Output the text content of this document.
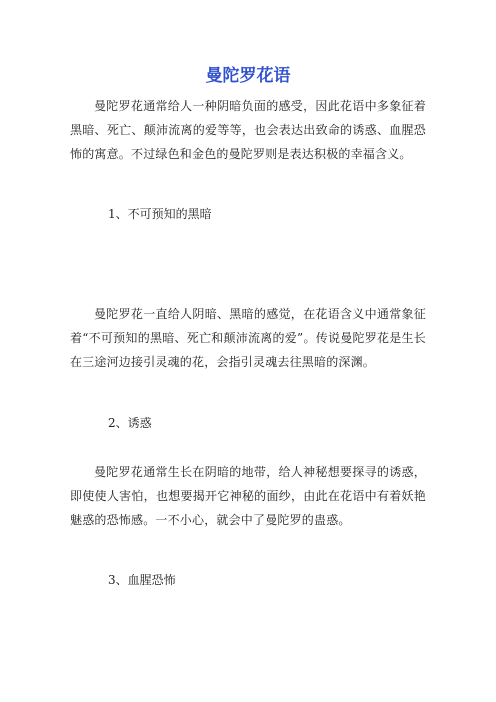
曼陀罗花语

曼陀罗花通常给人一种阴暗负面的感受，因此花语中多象征着黑暗、死亡、颠沛流离的爱等等，也会表达出致命的诱惑、血腥恐怖的寓意。不过绿色和金色的曼陀罗则是表达积极的幸福含义。

1、不可预知的黑暗

曼陀罗花一直给人阴暗、黑暗的感觉，在花语含义中通常象征着“不可预知的黑暗、死亡和颠沛流离的爱”。传说曼陀罗花是生长在三途河边接引灵魂的花，会指引灵魂去往黑暗的深渊。

2、诱惑

曼陀罗花通常生长在阴暗的地带，给人神秘想要探寻的诱惑，即使使人害怕，也想要揭开它神秘的面纱，由此在花语中有着妖艳魅惑的恐怖感。一不小心，就会中了曼陀罗的蛊惑。

3、血腥恐怖
